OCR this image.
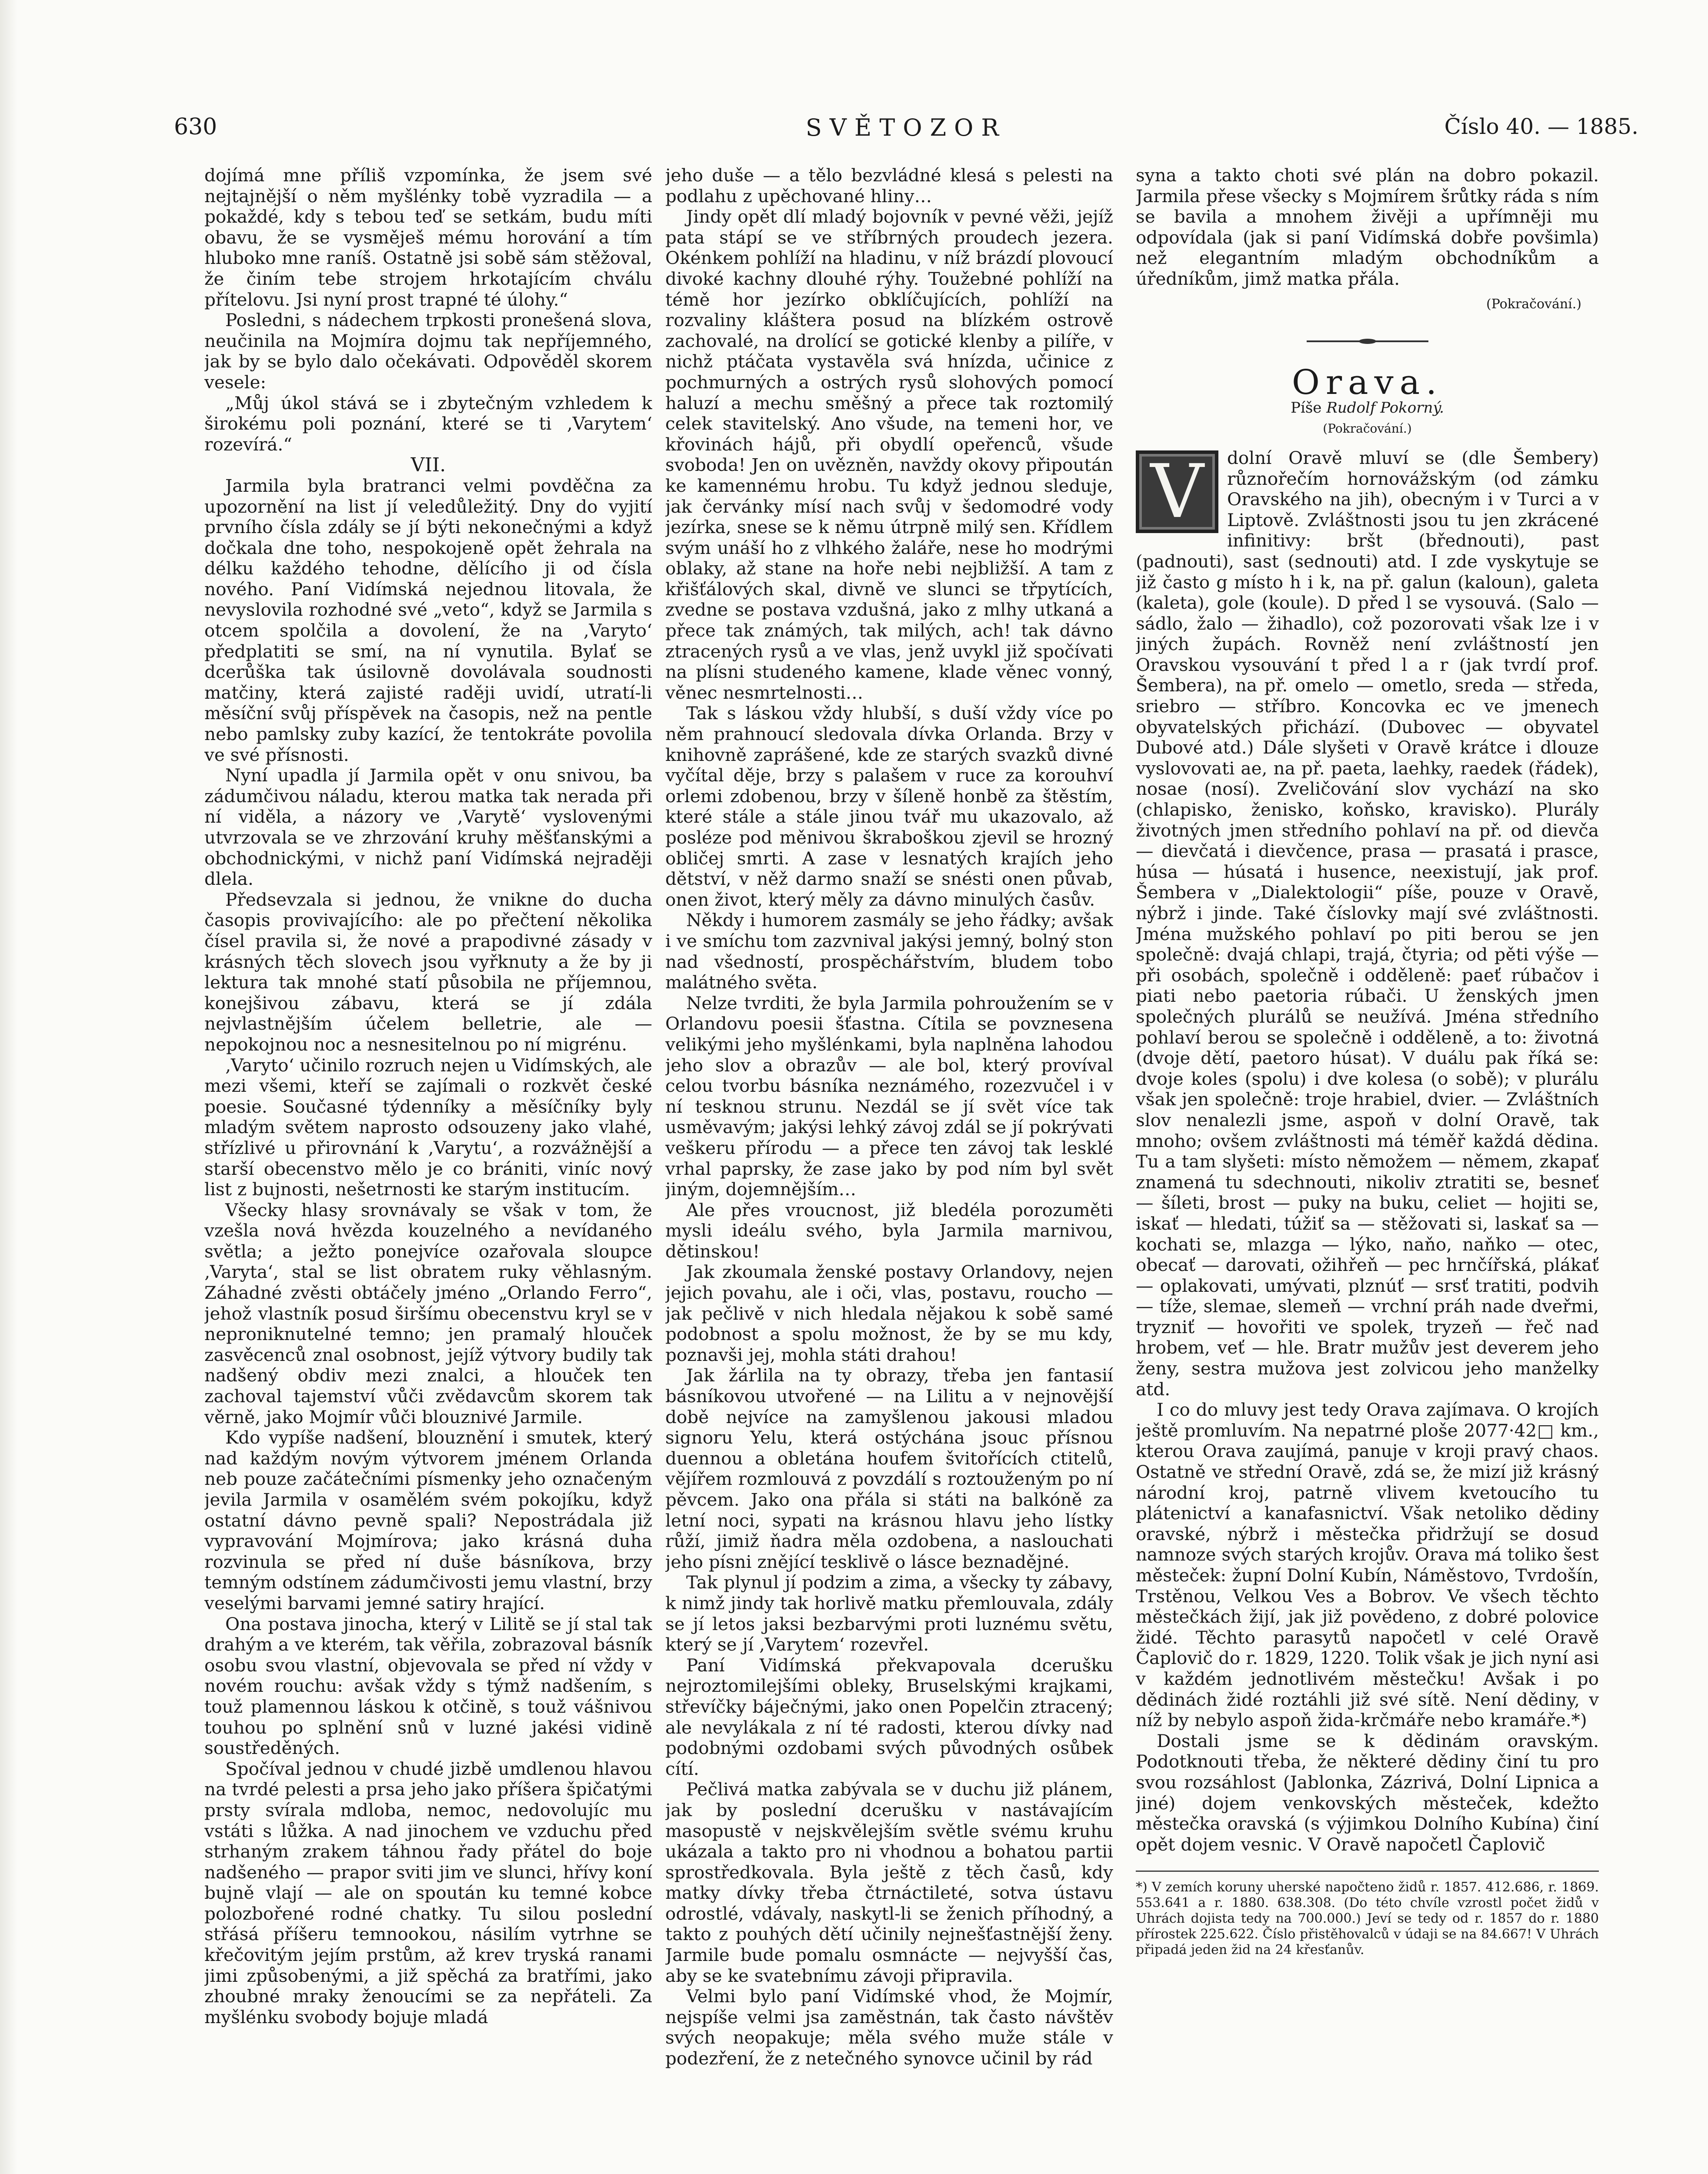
630	SVĚTOZOR	Číslo 40. — 1885.

dojímá mne příliš vzpomínka, že jsem své nejtajnější o něm myšlénky tobě vyzradila — a pokaždé, kdy s tebou teď se setkám, budu míti obavu, že se vysměješ mému horování a tím hluboko mne raníš. Ostatně jsi sobě sám stěžoval, že činím tebe strojem hrkotajícím chválu přítelovu. Jsi nyní prost trapné té úlohy.“

Posledni, s nádechem trpkosti pronešená slova, neučinila na Mojmíra dojmu tak nepříjemného, jak by se bylo dalo očekávati. Odpověděl skorem vesele:

„Můj úkol stává se i zbytečným vzhledem k širokému poli poznání, které se ti ‚Varytem‘ rozevírá.“

VII.

Jarmila byla bratranci velmi povděčna za upozornění na list jí veledůležitý. Dny do vyjití prvního čísla zdály se jí býti nekonečnými a když dočkala dne toho, nespokojeně opět žehrala na délku každého tehodne, dělícího ji od čísla nového. Paní Vidímská nejednou litovala, že nevyslovila rozhodné své „veto“, když se Jarmila s otcem spolčila a dovolení, že na ‚Varyto‘ předplatiti se smí, na ní vynutila. Bylať se dcerůška tak úsilovně dovolávala soudnosti matčiny, která zajisté raději uvidí, utratí-li měsíční svůj příspěvek na časopis, než na pentle nebo pamlsky zuby kazící, že tentokráte povolila ve své přísnosti.

Nyní upadla jí Jarmila opět v onu snivou, ba zádumčivou náladu, kterou matka tak nerada při ní viděla, a názory ve ‚Varytě‘ vyslovenými utvrzovala se ve zhrzování kruhy měšťanskými a obchodnickými, v nichž paní Vidímská nejraději dlela.

Předsevzala si jednou, že vnikne do ducha časopis provivajícího: ale po přečtení několika čísel pravila si, že nové a prapodivné zásady v krásných těch slovech jsou vyřknuty a že by ji lektura tak mnohé statí působila ne příjemnou, konejšivou zábavu, která se jí zdála nejvlastnějším účelem belletrie, ale — nepokojnou noc a nesnesitelnou po ní migrénu.

‚Varyto‘ učinilo rozruch nejen u Vidímských, ale mezi všemi, kteří se zajímali o rozkvět české poesie. Současné týdenníky a měsíčníky byly mladým světem naprosto odsouzeny jako vlahé, střízlivé u přirovnání k ‚Varytu‘, a rozvážnější a starší obecenstvo mělo je co brániti, viníc nový list z bujnosti, nešetrnosti ke starým institucím.

Všecky hlasy srovnávaly se však v tom, že vzešla nová hvězda kouzelného a nevídaného světla; a ježto ponejvíce ozařovala sloupce ‚Varyta‘, stal se list obratem ruky věhlasným. Záhadné zvěsti obtáčely jméno „Orlando Ferro“, jehož vlastník posud širšímu obecenstvu kryl se v neproniknutelné temno; jen pramalý hlouček zasvěcenců znal osobnost, jejíž výtvory budily tak nadšený obdiv mezi znalci, a hlouček ten zachoval tajemství vůči zvědavcům skorem tak věrně, jako Mojmír vůči blouznivé Jarmile.

Kdo vypíše nadšení, blouznění i smutek, který nad každým novým výtvorem jménem Orlanda neb pouze začátečními písmenky jeho označeným jevila Jarmila v osamělém svém pokojíku, když ostatní dávno pevně spali? Nepostrádala již vypravování Mojmírova; jako krásná duha rozvinula se před ní duše básníkova, brzy temným odstínem zádumčivosti jemu vlastní, brzy veselými barvami jemné satiry hrající.

Ona postava jinocha, který v Lilitě se jí stal tak drahým a ve kterém, tak věřila, zobrazoval básník osobu svou vlastní, objevovala se před ní vždy v novém rouchu: avšak vždy s týmž nadšením, s touž plamennou láskou k otčině, s touž vášnivou touhou po splnění snů v luzné jakési vidině soustředěných.

Spočíval jednou v chudé jizbě umdlenou hlavou na tvrdé pelesti a prsa jeho jako příšera špičatými prsty svírala mdloba, nemoc, nedovolujíc mu vstáti s lůžka. A nad jinochem ve vzduchu před strhaným zrakem táhnou řady přátel do boje nadšeného — prapor sviti jim ve slunci, hřívy koní bujně vlají — ale on spoután ku temné kobce polozbořené rodné chatky. Tu silou poslední střásá příšeru temnookou, násilím vytrhne se křečovitým jejím prstům, až krev tryská ranami jimi způsobenými, a již spěchá za bratřími, jako zhoubné mraky ženoucími se za nepřáteli. Za myšlénku svobody bojuje mladá

jeho duše — a tělo bezvládné klesá s pelesti na podlahu z upěchované hliny…

Jindy opět dlí mladý bojovník v pevné věži, jejíž pata stápí se ve stříbrných proudech jezera. Okénkem pohlíží na hladinu, v níž brázdí plovoucí divoké kachny dlouhé rýhy. Toužebné pohlíží na témě hor jezírko obklíčujících, pohlíží na rozvaliny kláštera posud na blízkém ostrově zachovalé, na drolící se gotické klenby a pilíře, v nichž ptáčata vystavěla svá hnízda, učinice z pochmurných a ostrých rysů slohových pomocí haluzí a mechu směšný a přece tak roztomilý celek stavitelský. Ano všude, na temeni hor, ve křovinách hájů, při obydlí opeřenců, všude svoboda! Jen on uvězněn, navždy okovy připoután ke kamennému hrobu. Tu když jednou sleduje, jak červánky mísí nach svůj v šedomodré vody jezírka, snese se k němu útrpně milý sen. Křídlem svým unáší ho z vlhkého žaláře, nese ho modrými oblaky, až stane na hoře nebi nejbližší. A tam z křišťálových skal, divně ve slunci se třpytících, zvedne se postava vzdušná, jako z mlhy utkaná a přece tak známých, tak milých, ach! tak dávno ztracených rysů a ve vlas, jenž uvykl již spočívati na plísni studeného kamene, klade věnec vonný, věnec nesmrtelnosti…

Tak s láskou vždy hlubší, s duší vždy více po něm prahnoucí sledovala dívka Orlanda. Brzy v knihovně zaprášené, kde ze starých svazků divné vyčítal děje, brzy s palašem v ruce za korouhví orlemi zdobenou, brzy v šíleně honbě za štěstím, které stále a stále jinou tvář mu ukazovalo, až posléze pod měnivou škraboškou zjevil se hrozný obličej smrti. A zase v lesnatých krajích jeho dětství, v něž darmo snaží se snésti onen půvab, onen život, který měly za dávno minulých časův.

Někdy i humorem zasmály se jeho řádky; avšak i ve smíchu tom zazvnival jakýsi jemný, bolný ston nad všedností, prospěchářstvím, bludem tobo malátného světa.

Nelze tvrditi, že byla Jarmila pohroužením se v Orlandovu poesii šťastna. Cítila se povznesena velikými jeho myšlénkami, byla naplněna lahodou jeho slov a obrazův — ale bol, který províval celou tvorbu básníka neznámého, rozezvučel i v ní tesknou strunu. Nezdál se jí svět více tak usměvavým; jakýsi lehký závoj zdál se jí pokrývati veškeru přírodu — a přece ten závoj tak lesklé vrhal paprsky, že zase jako by pod ním byl svět jiným, dojemnějším…

Ale přes vroucnost, již bledéla porozuměti mysli ideálu svého, byla Jarmila marnivou, dětinskou!

Jak zkoumala ženské postavy Orlandovy, nejen jejich povahu, ale i oči, vlas, postavu, roucho — jak pečlivě v nich hledala nějakou k sobě samé podobnost a spolu možnost, že by se mu kdy, poznavši jej, mohla státi drahou!

Jak žárlila na ty obrazy, třeba jen fantasií básníkovou utvořené — na Lilitu a v nejnovější době nejvíce na zamyšlenou jakousi mladou signoru Yelu, která ostýchána jsouc přísnou duennou a obletána houfem švitořících ctitelů, vějířem rozmlouvá z povzdálí s roztouženým po ní pěvcem. Jako ona přála si státi na balkóně za letní noci, sypati na krásnou hlavu jeho lístky růží, jimiž ňadra měla ozdobena, a naslouchati jeho písni znějící tesklivě o lásce beznadějné.

Tak plynul jí podzim a zima, a všecky ty zábavy, k nimž jindy tak horlivě matku přemlouvala, zdály se jí letos jaksi bezbarvými proti luznému světu, který se jí ‚Varytem‘ rozevřel.

Paní Vidímská překvapovala dcerušku nejroztomilejšími obleky, Bruselskými krajkami, střevíčky báječnými, jako onen Popelčin ztracený; ale nevylákala z ní té radosti, kterou dívky nad podobnými ozdobami svých původných osůbek cítí.

Pečlivá matka zabývala se v duchu již plánem, jak by poslední dcerušku v nastávajícím masopustě v nejskvělejším světle svému kruhu ukázala a takto pro ni vhodnou a bohatou partii sprostředkovala. Byla ještě z těch časů, kdy matky dívky třeba čtrnáctileté, sotva ústavu odrostlé, vdávaly, naskytl-li se ženich příhodný, a takto z pouhých dětí učinily nejnešťastnější ženy. Jarmile bude pomalu osmnácte — nejvyšší čas, aby se ke svatebnímu závoji připravila.

Velmi bylo paní Vidímské vhod, že Mojmír, nejspíše velmi jsa zaměstnán, tak často návštěv svých neopakuje; měla svého muže stále v podezření, že z netečného synovce učinil by rád

syna a takto choti své plán na dobro pokazil. Jarmila přese všecky s Mojmírem šrůtky ráda s ním se bavila a mnohem živěji a upřímněji mu odpovídala (jak si paní Vidímská dobře povšimla) než elegantním mladým obchodníkům a úředníkům, jimž matka přála.

(Pokračování.)
Orava.
Píše Rudolf Pokorný.
(Pokračování.)
V	dolní Oravě mluví se (dle Šembery) různořečím hornovážským (od zámku Oravského na jih), obecným i v Turci a v Liptově. Zvláštnosti jsou tu jen zkrácené infinitivy: bršt (břednouti), past (padnouti), sast (sednouti) atd. I zde vyskytuje se již často g místo h i k, na př. galun (kaloun), galeta (kaleta), gole (koule). D před l se vysouvá. (Salo — sádlo, žalo — žihadlo), což pozorovati však lze i v jiných župách. Rovněž není zvláštností jen Oravskou vysouvání t před l a r (jak tvrdí prof. Šembera), na př. omelo — ometlo, sreda — středa, sriebro — stříbro. Koncovka ec ve jmenech obyvatelských přichází. (Dubovec — obyvatel Dubové atd.) Dále slyšeti v Oravě krátce i dlouze vyslovovati ae, na př. paeta, laehky, raedek (řádek), nosae (nosí). Zveličování slov vychází na sko (chlapisko, ženisko, koňsko, kravisko). Plurály životných jmen středního pohlaví na př. od dievča — dievčatá i dievčence, prasa — prasatá i prasce, húsa — húsatá i husence, neexistují, jak prof. Šembera v „Dialektologii“ píše, pouze v Oravě, nýbrž i jinde. Také číslovky mají své zvláštnosti. Jména mužského pohlaví po piti berou se jen společně: dvajá chlapi, trajá, čtyria; od pěti výše — při osobách, společně i odděleně: paeť rúbačov i piati nebo paetoria rúbači. U ženských jmen společných plurálů se neužívá. Jména středního pohlaví berou se společně i odděleně, a to: životná (dvoje dětí, paetoro húsat). V duálu pak říká se: dvoje koles (spolu) i dve kolesa (o sobě); v plurálu však jen společně: troje hrabiel, dvier. — Zvláštních slov nenalezli jsme, aspoň v dolní Oravě, tak mnoho; ovšem zvláštnosti má téměř každá dědina. Tu a tam slyšeti: místo němožem — němem, zkapať znamená tu sdechnouti, nikoliv ztratiti se, besneť — šíleti, brost — puky na buku, celiet — hojiti se, iskať — hledati, túžiť sa — stěžovati si, laskať sa — kochati se, mlazga — lýko, naňo, naňko — otec, obecať — darovati, ožihřeň — pec hrnčířská, plákať — oplakovati, umývati, plznúť — srsť tratiti, podvih — tíže, slemae, slemeň — vrchní práh nade dveřmi, tryzniť — hovořiti ve spolek, tryzeň — řeč nad hrobem, veť — hle. Bratr mužův jest deverem jeho ženy, sestra mužova jest zolvicou jeho manželky atd.

I co do mluvy jest tedy Orava zajímava. O krojích ještě promluvím. Na nepatrné ploše 2077·42□ km., kterou Orava zaujímá, panuje v kroji pravý chaos. Ostatně ve střední Oravě, zdá se, že mizí již krásný národní kroj, patrně vlivem kvetoucího tu plátenictví a kanafasnictví. Však netoliko dědiny oravské, nýbrž i městečka přidržují se dosud namnoze svých starých krojův. Orava má toliko šest městeček: župní Dolní Kubín, Náměstovo, Tvrdošín, Trstěnou, Velkou Ves a Bobrov. Ve všech těchto městečkách žijí, jak již povědeno, z dobré polovice židé. Těchto parasytů napočetl v celé Oravě Čaplovič do r. 1829, 1220. Tolik však je jich nyní asi v každém jednotlivém městečku! Avšak i po dědinách židé roztáhli již své sítě. Není dědiny, v níž by nebylo aspoň žida-krčmáře nebo kramáře.*)

Dostali jsme se k dědinám oravským. Podotknouti třeba, že některé dědiny činí tu pro svou rozsáhlost (Jablonka, Zázrivá, Dolní Lipnica a jiné) dojem venkovských městeček, kdežto městečka oravská (s výjimkou Dolního Kubína) činí opět dojem vesnic. V Oravě napočetl Čaplovič

*) V zemích koruny uherské napočteno židů r. 1857. 412.686, r. 1869. 553.641 a r. 1880. 638.308. (Do této chvíle vzrostl počet židů v Uhrách dojista tedy na 700.000.) Jeví se tedy od r. 1857 do r. 1880 přírostek 225.622. Číslo přistěhovalců v údaji se na 84.667! V Uhrách připadá jeden žid na 24 křesťanův.
